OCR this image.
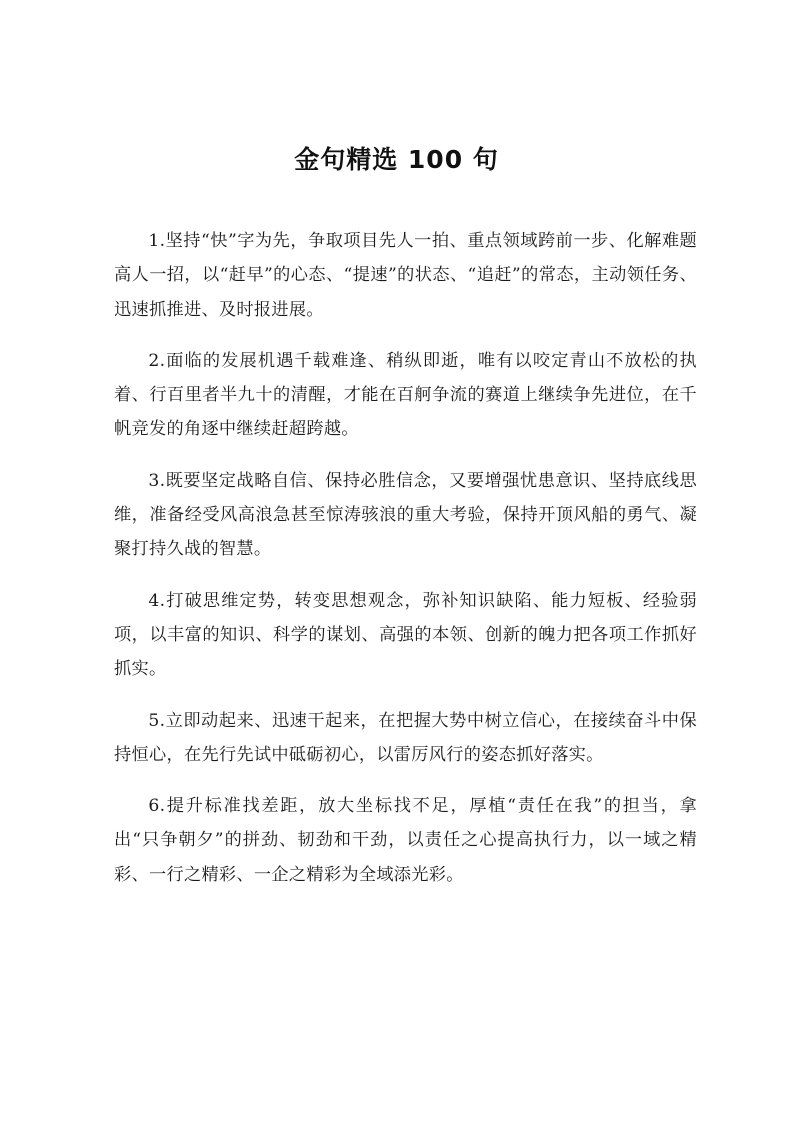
金句精选 100 句

1.坚持“快”字为先，争取项目先人一拍、重点领域跨前一步、化解难题高人一招，以“赶早”的心态、“提速”的状态、“追赶”的常态，主动领任务、迅速抓推进、及时报进展。

2.面临的发展机遇千载难逢、稍纵即逝，唯有以咬定青山不放松的执着、行百里者半九十的清醒，才能在百舸争流的赛道上继续争先进位，在千帆竞发的角逐中继续赶超跨越。

3.既要坚定战略自信、保持必胜信念，又要增强忧患意识、坚持底线思维，准备经受风高浪急甚至惊涛骇浪的重大考验，保持开顶风船的勇气、凝聚打持久战的智慧。

4.打破思维定势，转变思想观念，弥补知识缺陷、能力短板、经验弱项，以丰富的知识、科学的谋划、高强的本领、创新的魄力把各项工作抓好抓实。

5.立即动起来、迅速干起来，在把握大势中树立信心，在接续奋斗中保持恒心，在先行先试中砥砺初心，以雷厉风行的姿态抓好落实。

6.提升标准找差距，放大坐标找不足，厚植“责任在我”的担当，拿出“只争朝夕”的拼劲、韧劲和干劲，以责任之心提高执行力，以一域之精彩、一行之精彩、一企之精彩为全域添光彩。
